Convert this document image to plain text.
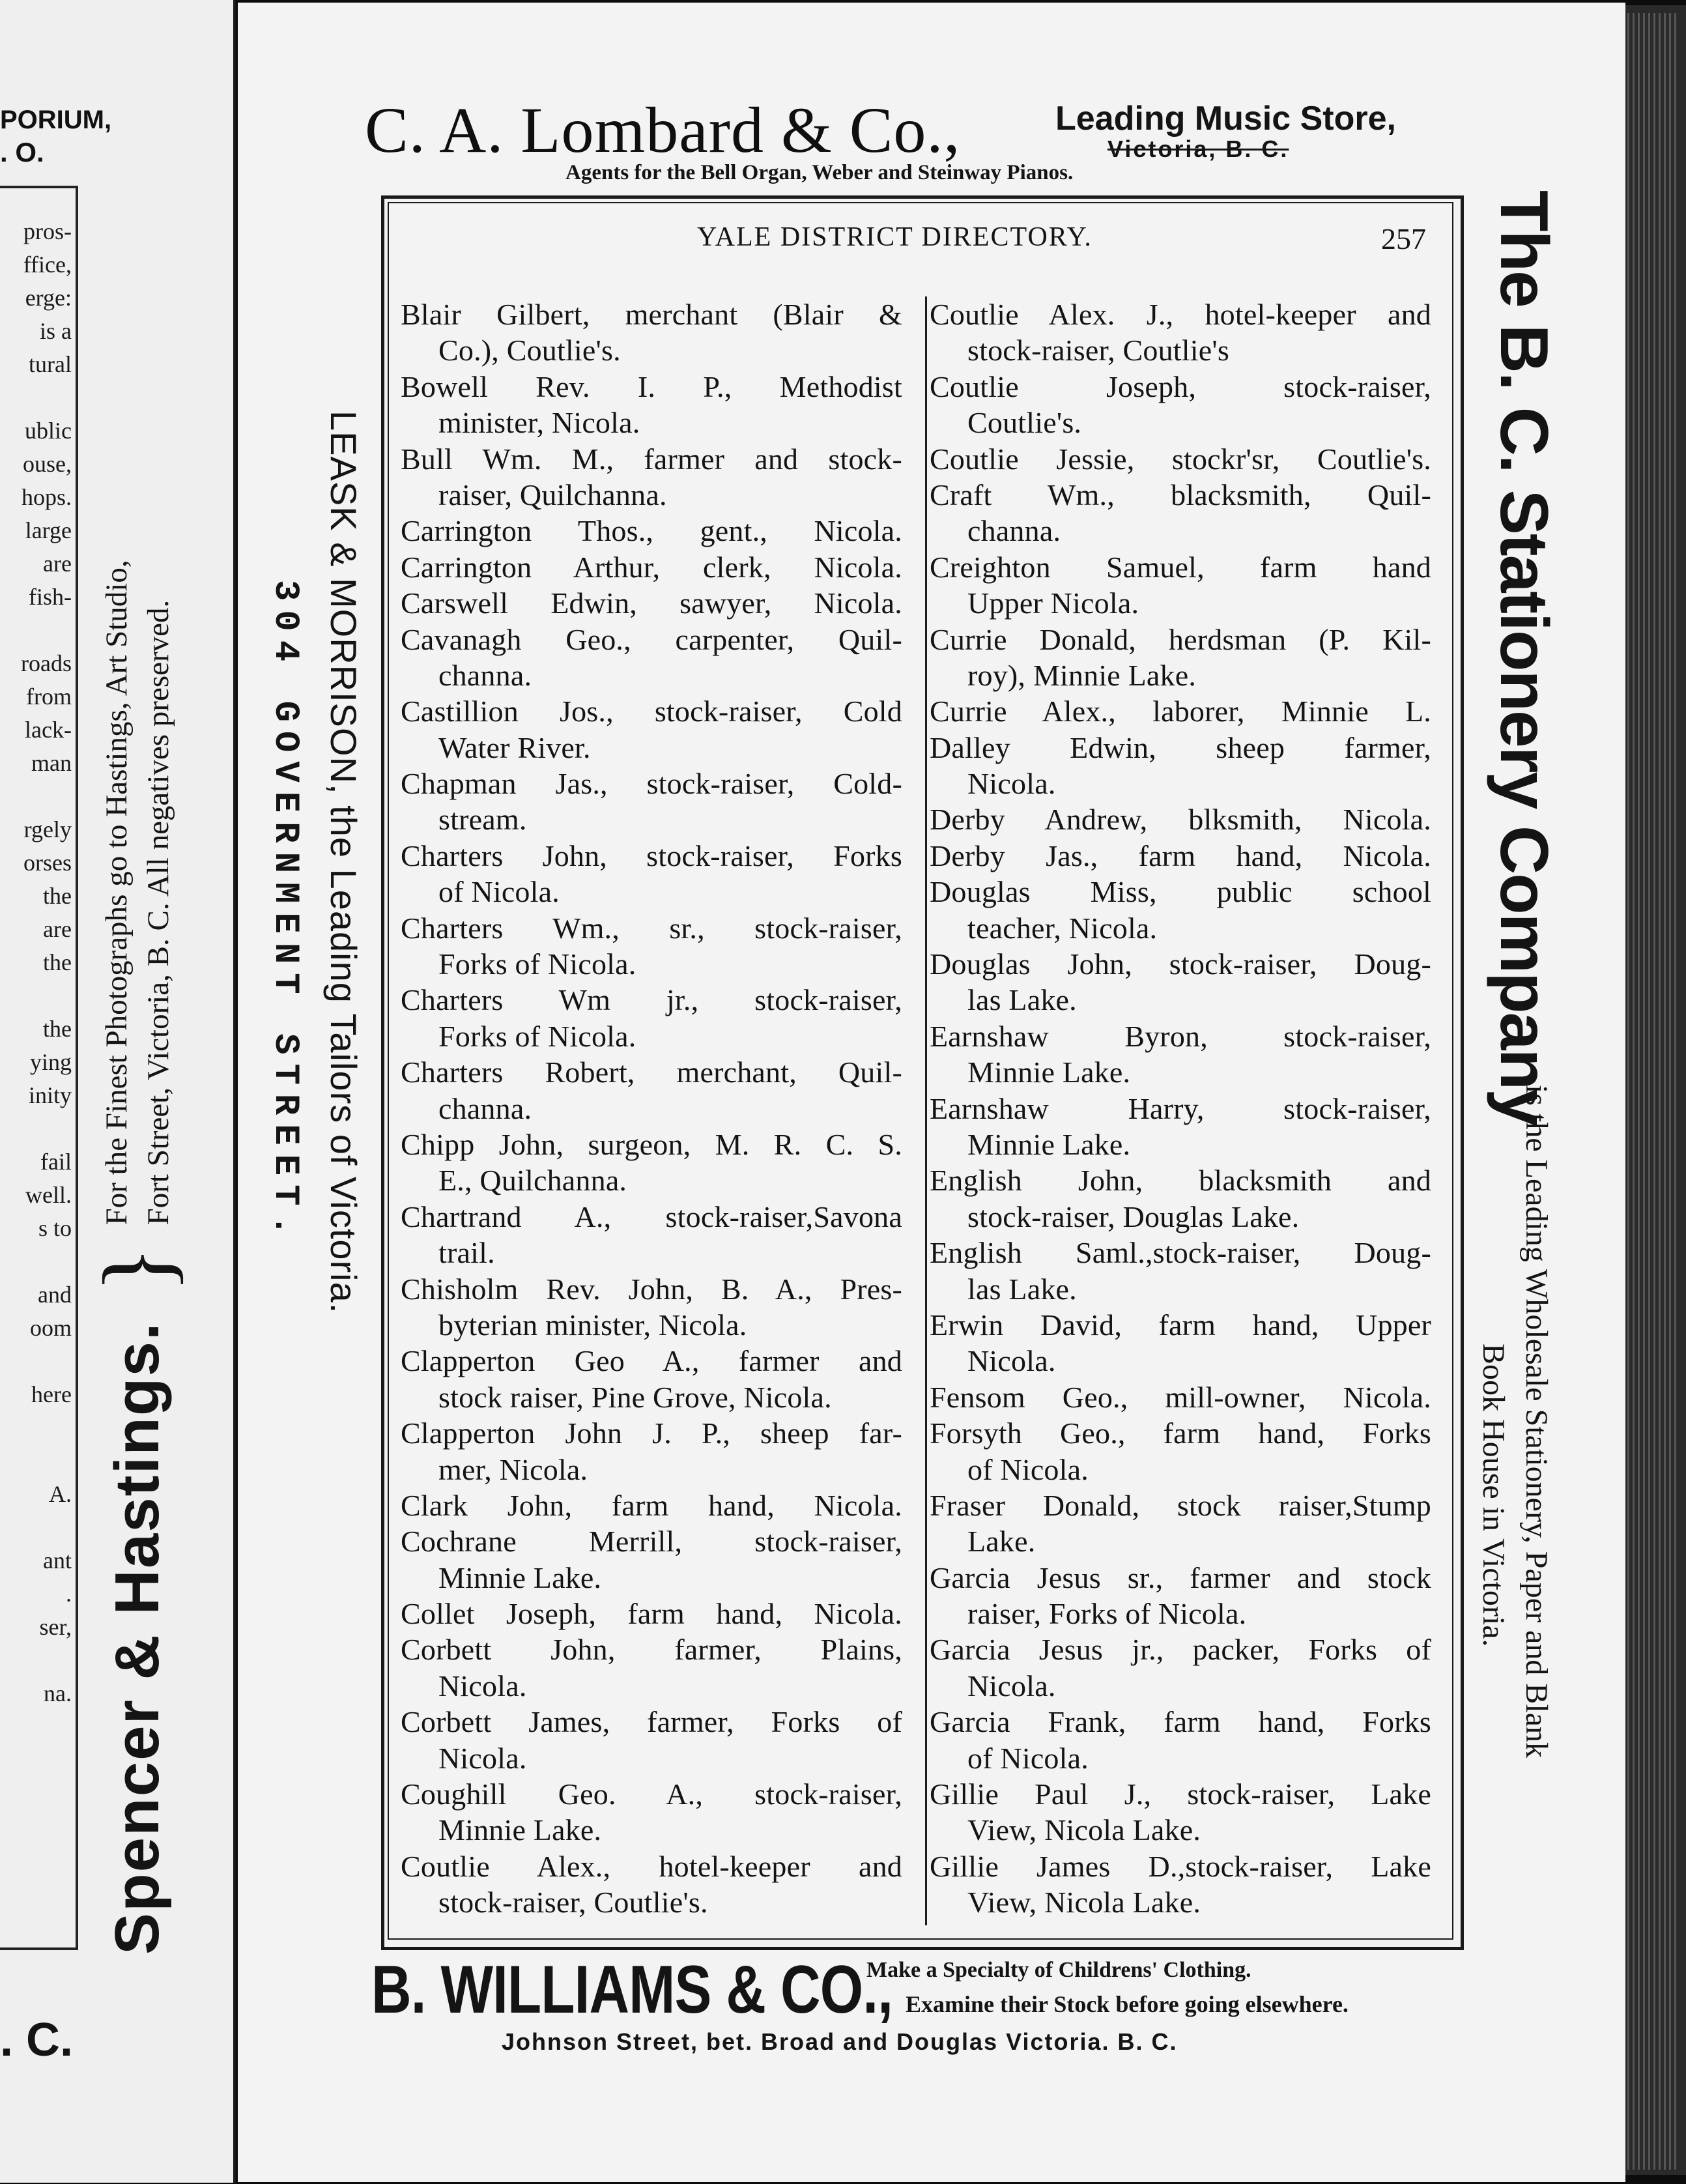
PORIUM,
. O.
pros-
ffice,
erge:
is a
tural
ublic
ouse,
hops.
large
are
fish-
roads
from
lack-
man
rgely
orses
the
are
the
the
ying
inity
fail
well.
s to
and
oom
here
A.
ant
.
ser,
na.
. C.
Spencer & Hastings. } For the Finest Photographs go to Hastings, Art Studio, Fort Street, Victoria, B. C. All negatives preserved.
C. A. Lombard & Co.,	Leading Music Store,
Victoria, B. C.
Agents for the Bell Organ, Weber and Steinway Pianos.
YALE DISTRICT DIRECTORY.	257
Blair Gilbert, merchant (Blair &
Co.), Coutlie's.
Bowell Rev. I. P., Methodist
minister, Nicola.
Bull Wm. M., farmer and stock-
raiser, Quilchanna.
Carrington Thos., gent., Nicola.
Carrington Arthur, clerk, Nicola.
Carswell Edwin, sawyer, Nicola.
Cavanagh Geo., carpenter, Quil-
channa.
Castillion Jos., stock-raiser, Cold
Water River.
Chapman Jas., stock-raiser, Cold-
stream.
Charters John, stock-raiser, Forks
of Nicola.
Charters Wm., sr., stock-raiser,
Forks of Nicola.
Charters Wm jr., stock-raiser,
Forks of Nicola.
Charters Robert, merchant, Quil-
channa.
Chipp John, surgeon, M. R. C. S.
E., Quilchanna.
Chartrand A., stock-raiser,Savona
trail.
Chisholm Rev. John, B. A., Pres-
byterian minister, Nicola.
Clapperton Geo A., farmer and
stock raiser, Pine Grove, Nicola.
Clapperton John J. P., sheep far-
mer, Nicola.
Clark John, farm hand, Nicola.
Cochrane Merrill, stock-raiser,
Minnie Lake.
Collet Joseph, farm hand, Nicola.
Corbett John, farmer, Plains,
Nicola.
Corbett James, farmer, Forks of
Nicola.
Coughill Geo. A., stock-raiser,
Minnie Lake.
Coutlie Alex., hotel-keeper and
stock-raiser, Coutlie's.
Coutlie Alex. J., hotel-keeper and
stock-raiser, Coutlie's
Coutlie Joseph, stock-raiser,
Coutlie's.
Coutlie Jessie, stockr'sr, Coutlie's.
Craft Wm., blacksmith, Quil-
channa.
Creighton Samuel, farm hand
Upper Nicola.
Currie Donald, herdsman (P. Kil-
roy), Minnie Lake.
Currie Alex., laborer, Minnie L.
Dalley Edwin, sheep farmer,
Nicola.
Derby Andrew, blksmith, Nicola.
Derby Jas., farm hand, Nicola.
Douglas Miss, public school
teacher, Nicola.
Douglas John, stock-raiser, Doug-
las Lake.
Earnshaw Byron, stock-raiser,
Minnie Lake.
Earnshaw Harry, stock-raiser,
Minnie Lake.
English John, blacksmith and
stock-raiser, Douglas Lake.
English Saml.,stock-raiser, Doug-
las Lake.
Erwin David, farm hand, Upper
Nicola.
Fensom Geo., mill-owner, Nicola.
Forsyth Geo., farm hand, Forks
of Nicola.
Fraser Donald, stock raiser,Stump
Lake.
Garcia Jesus sr., farmer and stock
raiser, Forks of Nicola.
Garcia Jesus jr., packer, Forks of
Nicola.
Garcia Frank, farm hand, Forks
of Nicola.
Gillie Paul J., stock-raiser, Lake
View, Nicola Lake.
Gillie James D.,stock-raiser, Lake
View, Nicola Lake.
LEASK & MORRISON, the Leading Tailors of Victoria.
304 GOVERNMENT STREET.	The B. C. Stationery Company
is the Leading Wholesale Stationery, Paper and Blank
Book House in Victoria.
B. WILLIAMS & CO.,
Make a Specialty of Childrens' Clothing.
Examine their Stock before going elsewhere.
Johnson Street, bet. Broad and Douglas Victoria. B. C.
